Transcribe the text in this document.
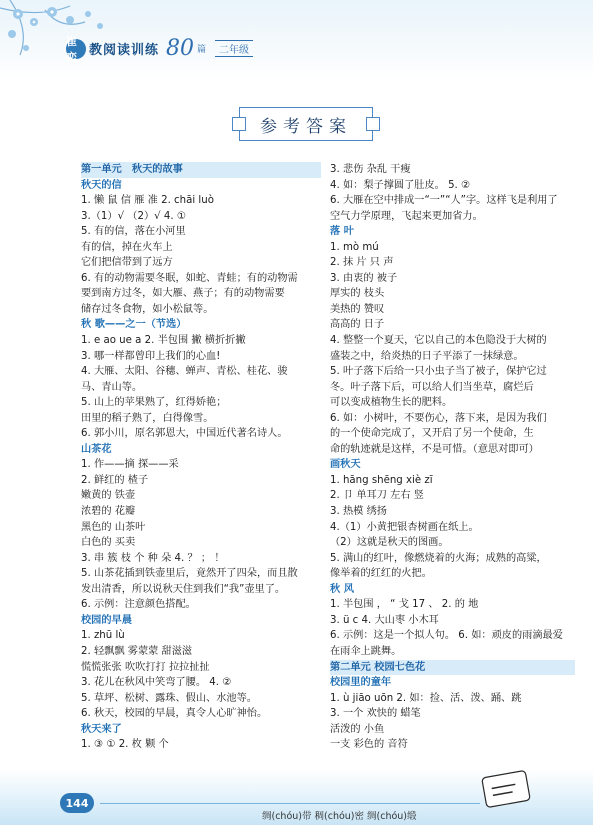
崔峦 教阅读训练 80 篇	二年级
参考答案
第一单元　秋天的故事
秋天的信
1. 懒 鼠 信 雁 准 2. chāi luò
3.（1）√ （2）√ 4. ①
5. 有的信，落在小河里
有的信，掉在火车上
它们把信带到了远方
6. 有的动物需要冬眠，如蛇、青蛙；有的动物需
要到南方过冬，如大雁、燕子；有的动物需要
储存过冬食物，如小松鼠等。
秋 歌——之一（节选）
1. e ao ue a 2. 半包围 撇 横折折撇
3. 哪一样都曾印上我们的心血!
4. 大雁、太阳、谷穗、蝉声、青松、桂花、骏
马、青山等。
5. 山上的苹果熟了，红得娇艳；
田里的稻子熟了，白得像雪。
6. 郭小川，原名郭恩大，中国近代著名诗人。
山茶花
1. 作——摘 探——采
2. 鲜红的 楂子
嫩黄的 铁壶
浓碧的 花瓣
黑色的 山茶叶
白色的 买卖
3. 串 簇 枝 个 种 朵 4. ？ ； ！
5. 山茶花插到铁壶里后，竟然开了四朵，而且散
发出清香，所以说秋天住到我们“我”壶里了。
6. 示例：注意颜色搭配。
校园的早晨
1. zhū lù
2. 轻飘飘 雾蒙蒙 甜滋滋
慌慌张张 吹吹打打 拉拉扯扯
3. 花儿在秋风中笑弯了腰。 4. ②
5. 草坪、松树、露珠、假山、水池等。
6. 秋天，校园的早晨，真令人心旷神怡。
秋天来了
1. ③ ① 2. 枚 颗 个
3. 悲伤 杂乱 干瘦
4. 如：梨子撑圆了肚皮。 5. ②
6. 大雁在空中排成一“一”“人”字。这样飞是利用了
空气力学原理，飞起来更加省力。
落 叶
1. mò mú
2. 抹 片 只 声
3. 由衷的 被子
厚实的 枝头
美热的 赞叹
高高的 日子
4. 整整一个夏天，它以自己的本色隐没于大树的
盛装之中，给炎热的日子平添了一抹绿意。
5. 叶子落下后给一只小虫子当了被子，保护它过
冬。叶子落下后，可以给人们当坐草，腐烂后
可以变成植物生长的肥料。
6. 如：小树叶，不要伤心，落下来，是因为我们
的一个使命完成了，又开启了另一个使命，生
命的轨迹就是这样，不是可惜。（意思对即可）
画秋天
1. hāng shēng xiè zī
2. 卩 单耳刀 左右 竖
3. 热模 绣扬
4.（1）小黄把银杏树画在纸上。
（2）这就是秋天的图画。
5. 满山的红叶，像燃烧着的火海；成熟的高粱，
像举着的红红的火把。
秋 风
1. 半包围 ， “ 戈 17 、 2. 的 地
3. ü c 4. 大山枣 小木耳
6. 示例：这是一个拟人句。 6. 如：顽皮的雨滴最爱
在雨伞上跳舞。
第二单元 校园七色花
校园里的童年
1. ù jiāo uōn 2. 如：捡、活、泼、踊、跳
3. 一个 欢快的 蜡笔
活泼的 小鱼
一支 彩色的 音符
144
绸(chóu)带 稠(chóu)密 绸(chóu)缎
